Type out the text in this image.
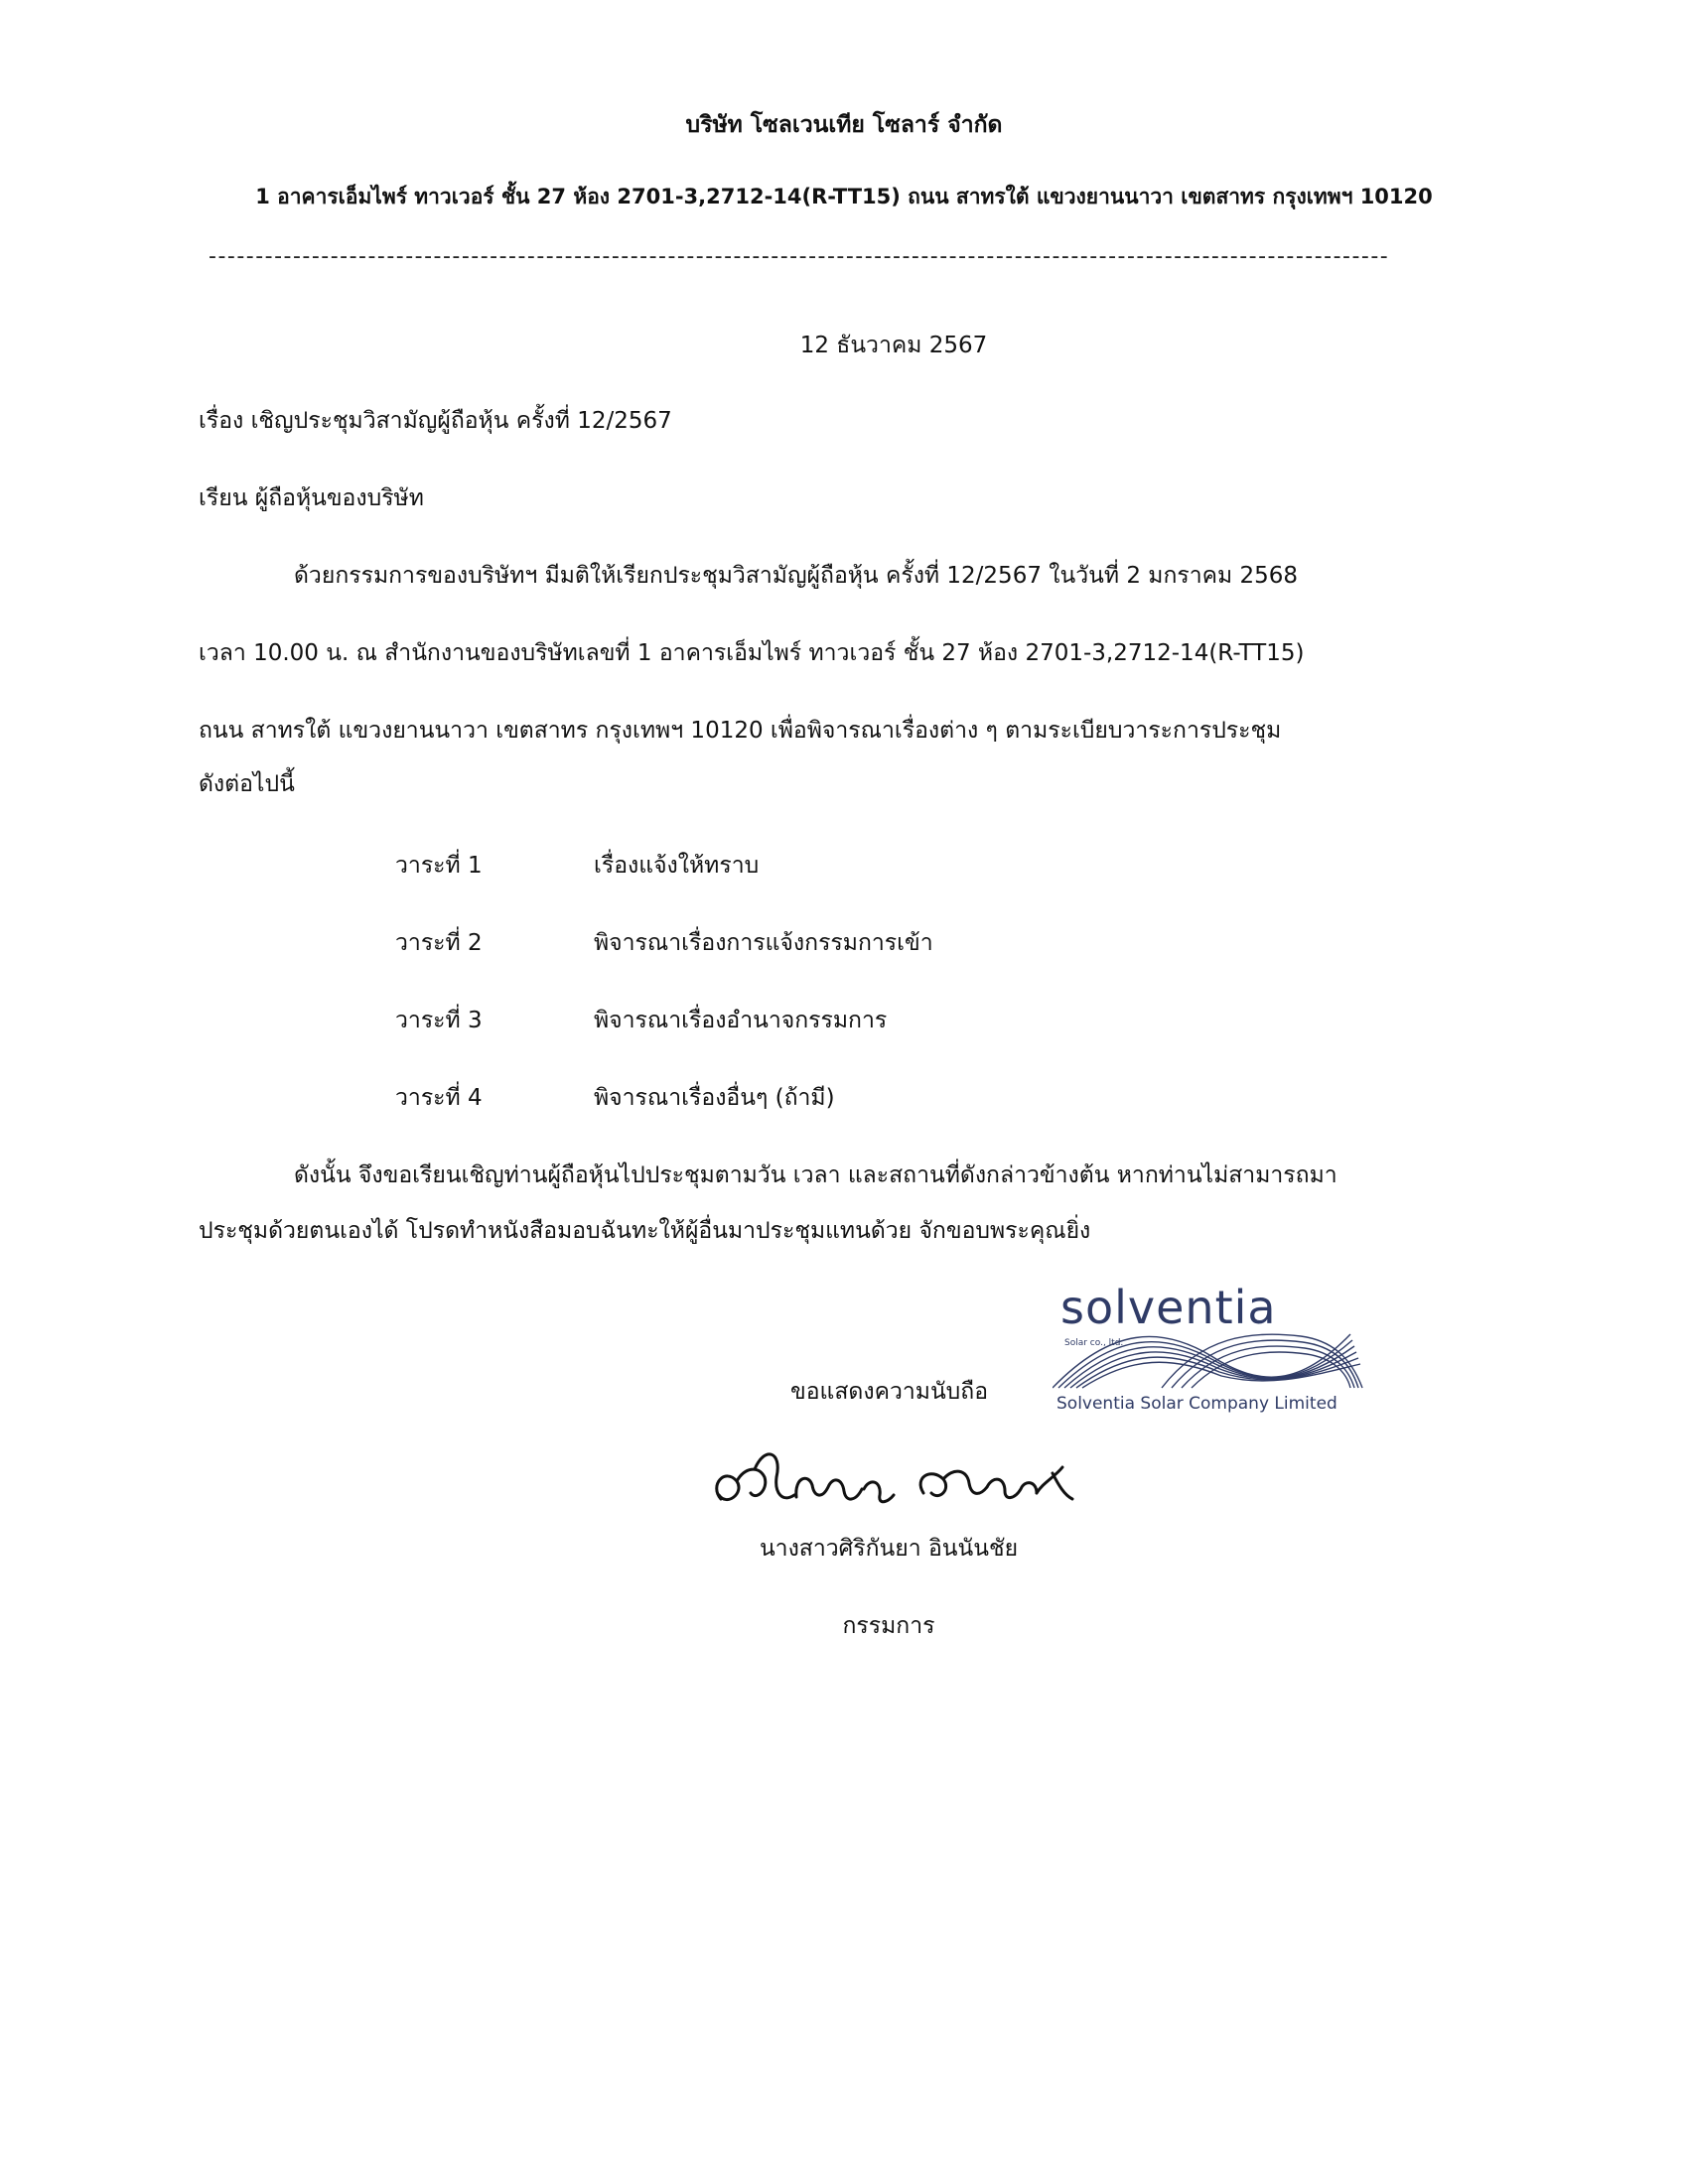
บริษัท โซลเวนเทีย โซลาร์ จำกัด
1 อาคารเอ็มไพร์ ทาวเวอร์ ชั้น 27 ห้อง 2701-3,2712-14(R-TT15) ถนน สาทรใต้ แขวงยานนาวา เขตสาทร กรุงเทพฯ 10120
------------------------------------------------------------------------------------------------------------------------------
12 ธันวาคม 2567
เรื่อง เชิญประชุมวิสามัญผู้ถือหุ้น ครั้งที่ 12/2567
เรียน ผู้ถือหุ้นของบริษัท
ด้วยกรรมการของบริษัทฯ มีมติให้เรียกประชุมวิสามัญผู้ถือหุ้น ครั้งที่ 12/2567 ในวันที่ 2 มกราคม 2568
เวลา 10.00 น. ณ สำนักงานของบริษัทเลขที่ 1 อาคารเอ็มไพร์ ทาวเวอร์ ชั้น 27 ห้อง 2701-3,2712-14(R-TT15)
ถนน สาทรใต้ แขวงยานนาวา เขตสาทร กรุงเทพฯ 10120 เพื่อพิจารณาเรื่องต่าง ๆ ตามระเบียบวาระการประชุม
ดังต่อไปนี้
วาระที่ 1	เรื่องแจ้งให้ทราบ
วาระที่ 2	พิจารณาเรื่องการแจ้งกรรมการเข้า
วาระที่ 3	พิจารณาเรื่องอำนาจกรรมการ
วาระที่ 4	พิจารณาเรื่องอื่นๆ (ถ้ามี)
ดังนั้น จึงขอเรียนเชิญท่านผู้ถือหุ้นไปประชุมตามวัน เวลา และสถานที่ดังกล่าวข้างต้น หากท่านไม่สามารถมา
ประชุมด้วยตนเองได้ โปรดทำหนังสือมอบฉันทะให้ผู้อื่นมาประชุมแทนด้วย จักขอบพระคุณยิ่ง
solventia
Solar co., ltd.
Solventia Solar Company Limited
ขอแสดงความนับถือ
นางสาวศิริกันยา อินนันชัย
กรรมการ
